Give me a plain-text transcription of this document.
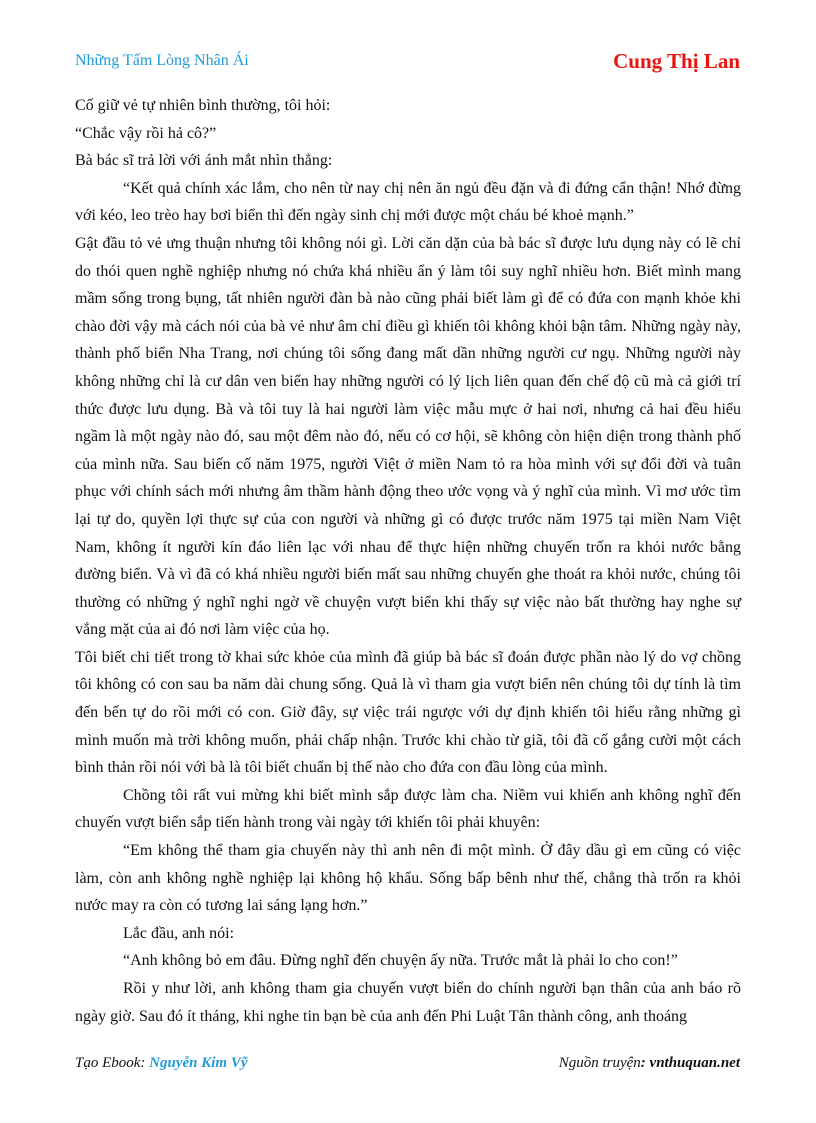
Những Tấm Lòng Nhân Ái	Cung Thị Lan

Cố giữ vẻ tự nhiên bình thường, tôi hỏi:

“Chắc vậy rồi hả cô?”

Bà bác sĩ trả lời với ánh mắt nhìn thẳng:

“Kết quả chính xác lắm, cho nên từ nay chị nên ăn ngủ đều đặn và đi đứng cẩn thận! Nhớ đừng với kéo, leo trèo hay bơi biển thì đến ngày sinh chị mới được một cháu bé khoẻ mạnh.”

Gật đầu tỏ vẻ ưng thuận nhưng tôi không nói gì. Lời căn dặn của bà bác sĩ được lưu dụng này có lẽ chỉ do thói quen nghề nghiệp nhưng nó chứa khá nhiều ẩn ý làm tôi suy nghĩ nhiều hơn. Biết mình mang mầm sống trong bụng, tất nhiên người đàn bà nào cũng phải biết làm gì để có đứa con mạnh khỏe khi chào đời vậy mà cách nói của bà vẻ như âm chỉ điều gì khiến tôi không khỏi bận tâm. Những ngày này, thành phố biển Nha Trang, nơi chúng tôi sống đang mất dần những người cư ngụ. Những người này không những chỉ là cư dân ven biển hay những người có lý lịch liên quan đến chế độ cũ mà cả giới trí thức được lưu dụng. Bà và tôi tuy là hai người làm việc mẫu mực ở hai nơi, nhưng cả hai đều hiểu ngầm là một ngày nào đó, sau một đêm nào đó, nếu có cơ hội, sẽ không còn hiện diện trong thành phố của mình nữa. Sau biến cố năm 1975, người Việt ở miền Nam tỏ ra hòa mình với sự đổi đời và tuân phục với chính sách mới nhưng âm thầm hành động theo ước vọng và ý nghĩ của mình. Vì mơ ước tìm lại tự do, quyền lợi thực sự của con người và những gì có được trước năm 1975 tại miền Nam Việt Nam, không ít người kín đáo liên lạc với nhau để thực hiện những chuyến trốn ra khỏi nước bằng đường biển. Và vì đã có khá nhiều người biến mất sau những chuyến ghe thoát ra khỏi nước, chúng tôi thường có những ý nghĩ nghi ngờ về chuyện vượt biển khi thấy sự việc nào bất thường hay nghe sự vắng mặt của ai đó nơi làm việc của họ.

Tôi biết chi tiết trong tờ khai sức khỏe của mình đã giúp bà bác sĩ đoán được phần nào lý do vợ chồng tôi không có con sau ba năm dài chung sống. Quả là vì tham gia vượt biển nên chúng tôi dự tính là tìm đến bến tự do rồi mới có con. Giờ đây, sự việc trái ngược với dự định khiến tôi hiểu rằng những gì mình muốn mà trời không muốn, phải chấp nhận. Trước khi chào từ giã, tôi đã cố gắng cười một cách bình thản rồi nói với bà là tôi biết chuẩn bị thế nào cho đứa con đầu lòng của mình.

Chồng tôi rất vui mừng khi biết mình sắp được làm cha. Niềm vui khiến anh không nghĩ đến chuyến vượt biển sắp tiến hành trong vài ngày tới khiến tôi phải khuyên:

“Em không thể tham gia chuyến này thì anh nên đi một mình. Ở đây dầu gì em cũng có việc làm, còn anh không nghề nghiệp lại không hộ khẩu. Sống bấp bênh như thế, chẳng thà trốn ra khỏi nước may ra còn có tương lai sáng lạng hơn.”

Lắc đầu, anh nói:

“Anh không bỏ em đâu. Đừng nghĩ đến chuyện ấy nữa. Trước mắt là phải lo cho con!”

Rồi y như lời, anh không tham gia chuyến vượt biển do chính người bạn thân của anh báo rõ ngày giờ. Sau đó ít tháng, khi nghe tin bạn bè của anh đến Phi Luật Tân thành công, anh thoáng

Tạo Ebook: Nguyễn Kim Vỹ	Nguồn truyện: vnthuquan.net
